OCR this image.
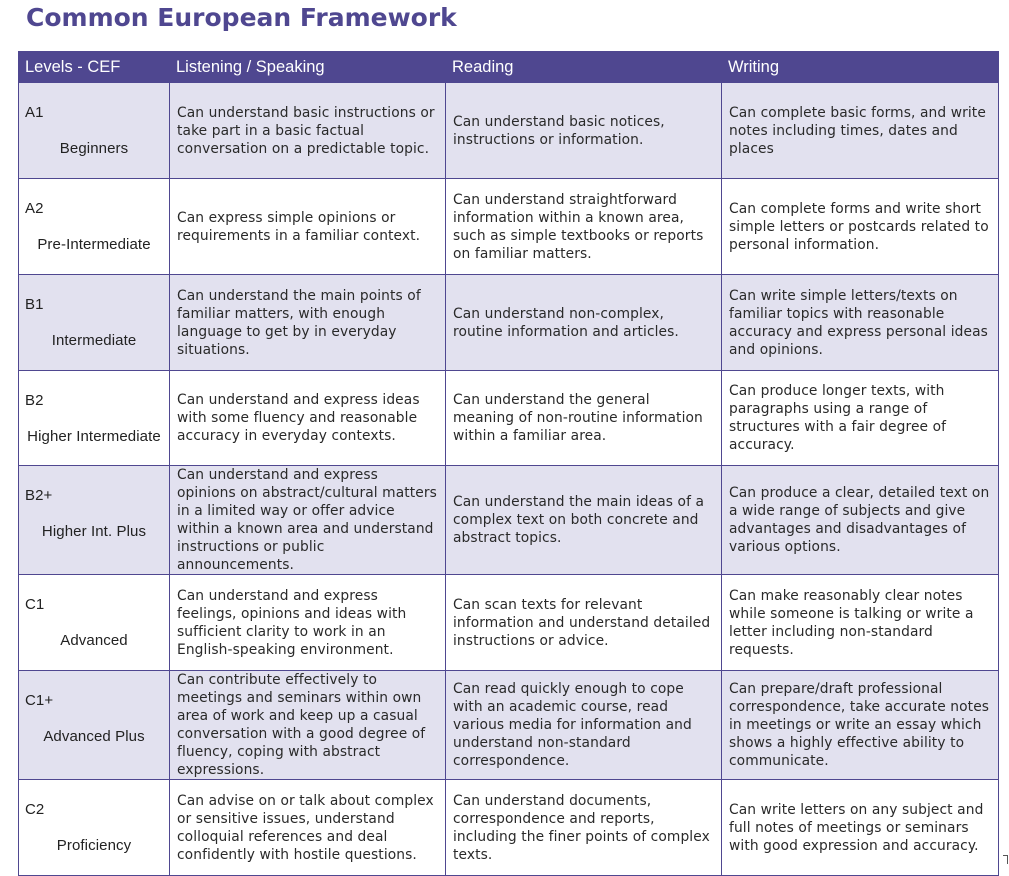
Common European Framework
Levels - CEF	Listening / Speaking	Reading	Writing

A1
Beginners	Can understand basic instructions or take part in a basic factual conversation on a predictable topic.	Can understand basic notices, instructions or information.	Can complete basic forms, and write notes including times, dates and places

A2
Pre-Intermediate	Can express simple opinions or requirements in a familiar context.	Can understand straightforward information within a known area, such as simple textbooks or reports on familiar matters.	Can complete forms and write short simple letters or postcards related to personal information.

B1
Intermediate	Can understand the main points of familiar matters, with enough language to get by in everyday situations.	Can understand non-complex, routine information and articles.	Can write simple letters/texts on familiar topics with reasonable accuracy and express personal ideas and opinions.

B2
Higher Intermediate	Can understand and express ideas with some fluency and reasonable accuracy in everyday contexts.	Can understand the general meaning of non-routine information within a familiar area.	Can produce longer texts, with paragraphs using a range of structures with a fair degree of accuracy.

B2+
Higher Int. Plus	Can understand and express opinions on abstract/cultural matters in a limited way or offer advice within a known area and understand instructions or public announcements.	Can understand the main ideas of a complex text on both concrete and abstract topics.	Can produce a clear, detailed text on a wide range of subjects and give advantages and disadvantages of various options.

C1
Advanced	Can understand and express feelings, opinions and ideas with sufficient clarity to work in an English-speaking environment.	Can scan texts for relevant information and understand detailed instructions or advice.	Can make reasonably clear notes while someone is talking or write a letter including non-standard requests.

C1+
Advanced Plus	Can contribute effectively to meetings and seminars within own area of work and keep up a casual conversation with a good degree of fluency, coping with abstract expressions.	Can read quickly enough to cope with an academic course, read various media for information and understand non-standard correspondence.	Can prepare/draft professional correspondence, take accurate notes in meetings or write an essay which shows a highly effective ability to communicate.

C2
Proficiency	Can advise on or talk about complex or sensitive issues, understand colloquial references and deal confidently with hostile questions.	Can understand documents, correspondence and reports, including the finer points of complex texts.	Can write letters on any subject and full notes of meetings or seminars with good expression and accuracy.
